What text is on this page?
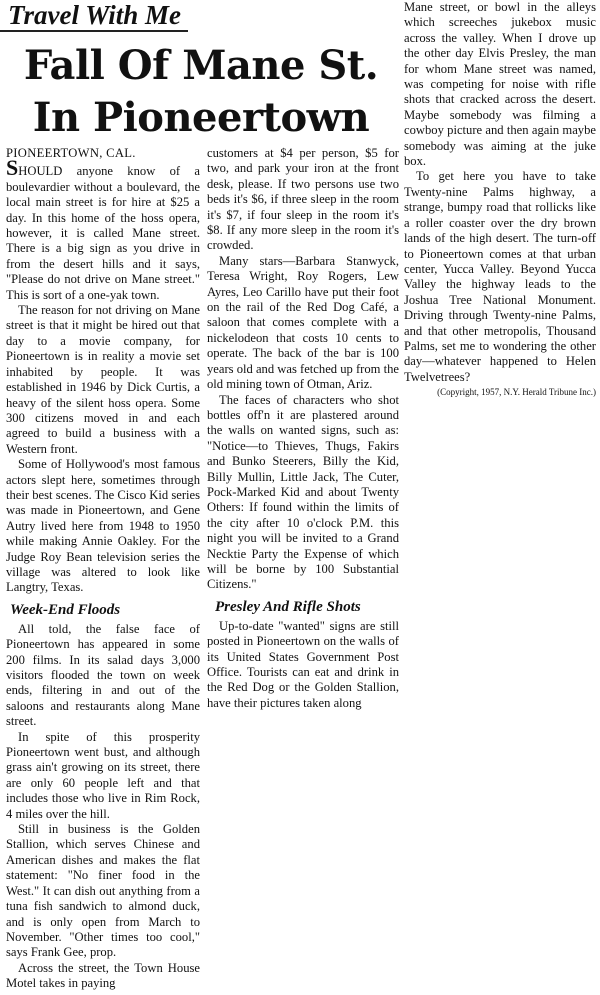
Travel With Me
Fall Of Mane St. In Pioneertown

PIONEERTOWN, CAL.
SHOULD anyone know of a boulevardier without a boulevard, the local main street is for hire at $25 a day. In this home of the hoss opera, however, it is called Mane street. There is a big sign as you drive in from the desert hills and it says, "Please do not drive on Mane street." This is sort of a one-yak town.

The reason for not driving on Mane street is that it might be hired out that day to a movie company, for Pioneertown is in reality a movie set inhabited by people. It was established in 1946 by Dick Curtis, a heavy of the silent hoss opera. Some 300 citizens moved in and each agreed to build a business with a Western front.

Some of Hollywood's most famous actors slept here, sometimes through their best scenes. The Cisco Kid series was made in Pioneertown, and Gene Autry lived here from 1948 to 1950 while making Annie Oakley. For the Judge Roy Bean television series the village was altered to look like Langtry, Texas.

Week-End Floods

All told, the false face of Pioneertown has appeared in some 200 films. In its salad days 3,000 visitors flooded the town on week ends, filtering in and out of the saloons and restaurants along Mane street.

In spite of this prosperity Pioneertown went bust, and although grass ain't growing on its street, there are only 60 people left and that includes those who live in Rim Rock, 4 miles over the hill.

Still in business is the Golden Stallion, which serves Chinese and American dishes and makes the flat statement: "No finer food in the West." It can dish out anything from a tuna fish sandwich to almond duck, and is only open from March to November. "Other times too cool," says Frank Gee, prop.

Across the street, the Town House Motel takes in paying

customers at $4 per person, $5 for two, and park your iron at the front desk, please. If two persons use two beds it's $6, if three sleep in the room it's $7, if four sleep in the room it's $8. If any more sleep in the room it's crowded.

Many stars—Barbara Stanwyck, Teresa Wright, Roy Rogers, Lew Ayres, Leo Carillo have put their foot on the rail of the Red Dog Café, a saloon that comes complete with a nickelodeon that costs 10 cents to operate. The back of the bar is 100 years old and was fetched up from the old mining town of Otman, Ariz.

The faces of characters who shot bottles off'n it are plastered around the walls on wanted signs, such as: "Notice—to Thieves, Thugs, Fakirs and Bunko Steerers, Billy the Kid, Billy Mullin, Little Jack, The Cuter, Pock-Marked Kid and about Twenty Others: If found within the limits of the city after 10 o'clock P.M. this night you will be invited to a Grand Necktie Party the Expense of which will be borne by 100 Substantial Citizens."

Presley And Rifle Shots

Up-to-date "wanted" signs are still posted in Pioneertown on the walls of its United States Government Post Office. Tourists can eat and drink in the Red Dog or the Golden Stallion, have their pictures taken along

Mane street, or bowl in the alleys which screeches jukebox music across the valley. When I drove up the other day Elvis Presley, the man for whom Mane street was named, was competing for noise with rifle shots that cracked across the desert. Maybe somebody was filming a cowboy picture and then again maybe somebody was aiming at the juke box.

To get here you have to take Twenty-nine Palms highway, a strange, bumpy road that rollicks like a roller coaster over the dry brown lands of the high desert. The turn-off to Pioneertown comes at that urban center, Yucca Valley. Beyond Yucca Valley the highway leads to the Joshua Tree National Monument. Driving through Twenty-nine Palms, and that other metropolis, Thousand Palms, set me to wondering the other day—whatever happened to Helen Twelvetrees?

(Copyright, 1957, N.Y. Herald Tribune Inc.)
